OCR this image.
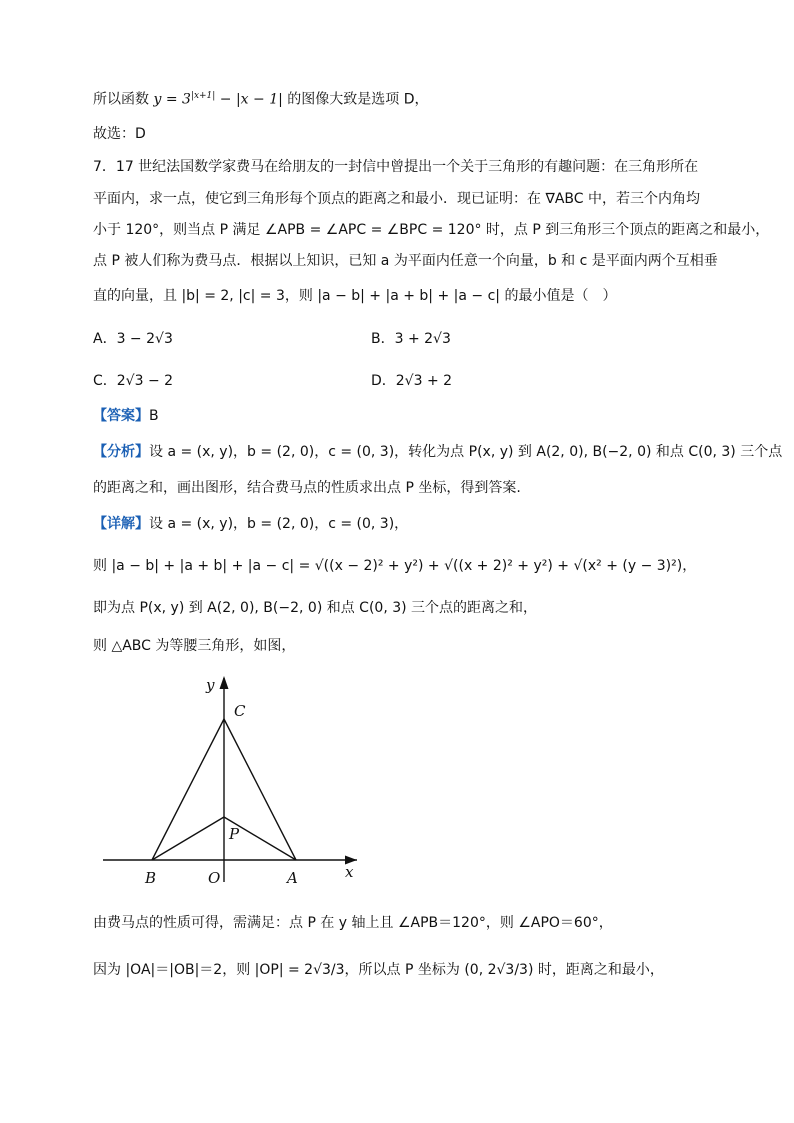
所以函数 $y = 3^{|x+1|} - |x - 1|$ 的图像大致是选项 D，
故选：D
7．17 世纪法国数学家费马在给朋友的一封信中曾提出一个关于三角形的有趣问题：在三角形所在
平面内，求一点，使它到三角形每个顶点的距离之和最小．现已证明：在 ∇ABC 中，若三个内角均
小于 120°，则当点 P 满足 ∠APB = ∠APC = ∠BPC = 120° 时，点 P 到三角形三个顶点的距离之和最小，
点 P 被人们称为费马点．根据以上知识，已知 a 为平面内任意一个向量，b 和 c 是平面内两个互相垂
直的向量，且 |b| = 2, |c| = 3，则 |a − b| + |a + b| + |a − c| 的最小值是（　）
A．3 − 2√3	B．3 + 2√3
C．2√3 − 2	D．2√3 + 2
【答案】B
【分析】设 a = (x, y)，b = (2, 0)，c = (0, 3)，转化为点 P(x, y) 到 A(2, 0), B(−2, 0) 和点 C(0, 3) 三个点
的距离之和，画出图形，结合费马点的性质求出点 P 坐标，得到答案.
【详解】设 a = (x, y)，b = (2, 0)，c = (0, 3)，
则 |a − b| + |a + b| + |a − c| = √((x − 2)² + y²) + √((x + 2)² + y²) + √(x² + (y − 3)²)，
即为点 P(x, y) 到 A(2, 0), B(−2, 0) 和点 C(0, 3) 三个点的距离之和，
则 △ABC 为等腰三角形，如图，
y
x
C
P
B	O	A
由费马点的性质可得，需满足：点 P 在 y 轴上且 ∠APB＝120°，则 ∠APO＝60°，
因为 |OA|＝|OB|＝2，则 |OP| = 2√3/3，所以点 P 坐标为 (0, 2√3/3) 时，距离之和最小，
